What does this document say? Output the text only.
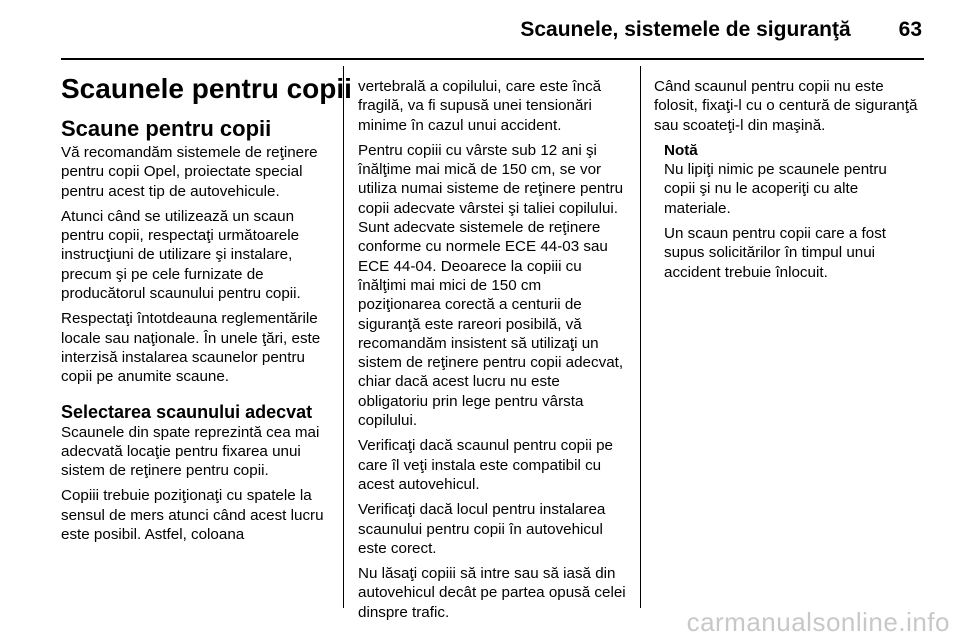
Scaunele, sistemele de siguranţă 63
Scaunele pentru copii
Scaune pentru copii

Vă recomandăm sistemele de reţinere pentru copii Opel, proiectate special pentru acest tip de autovehicule.

Atunci când se utilizează un scaun pentru copii, respectaţi următoarele instrucţiuni de utilizare şi instalare, precum şi pe cele furnizate de producătorul scaunului pentru copii.

Respectaţi întotdeauna reglementările locale sau naţionale. În unele ţări, este interzisă instalarea scaunelor pentru copii pe anumite scaune.

Selectarea scaunului adecvat

Scaunele din spate reprezintă cea mai adecvată locaţie pentru fixarea unui sistem de reţinere pentru copii.

Copiii trebuie poziţionaţi cu spatele la sensul de mers atunci când acest lucru este posibil. Astfel, coloana

vertebrală a copilului, care este încă fragilă, va fi supusă unei tensionări minime în cazul unui accident.

Pentru copiii cu vârste sub 12 ani şi înălţime mai mică de 150 cm, se vor utiliza numai sisteme de reţinere pentru copii adecvate vârstei şi taliei copilului. Sunt adecvate sistemele de reţinere conforme cu normele ECE 44-03 sau ECE 44-04. Deoarece la copiii cu înălţimi mai mici de 150 cm poziţionarea corectă a centurii de siguranţă este rareori posibilă, vă recomandăm insistent să utilizaţi un sistem de reţinere pentru copii adecvat, chiar dacă acest lucru nu este obligatoriu prin lege pentru vârsta copilului.

Verificaţi dacă scaunul pentru copii pe care îl veţi instala este compatibil cu acest autovehicul.

Verificaţi dacă locul pentru instalarea scaunului pentru copii în autovehicul este corect.

Nu lăsaţi copiii să intre sau să iasă din autovehicul decât pe partea opusă celei dinspre trafic.

Când scaunul pentru copii nu este folosit, fixaţi-l cu o centură de siguranţă sau scoateţi-l din maşină.

Notă

Nu lipiţi nimic pe scaunele pentru copii şi nu le acoperiţi cu alte materiale.

Un scaun pentru copii care a fost supus solicitărilor în timpul unui accident trebuie înlocuit.

carmanualsonline.info
